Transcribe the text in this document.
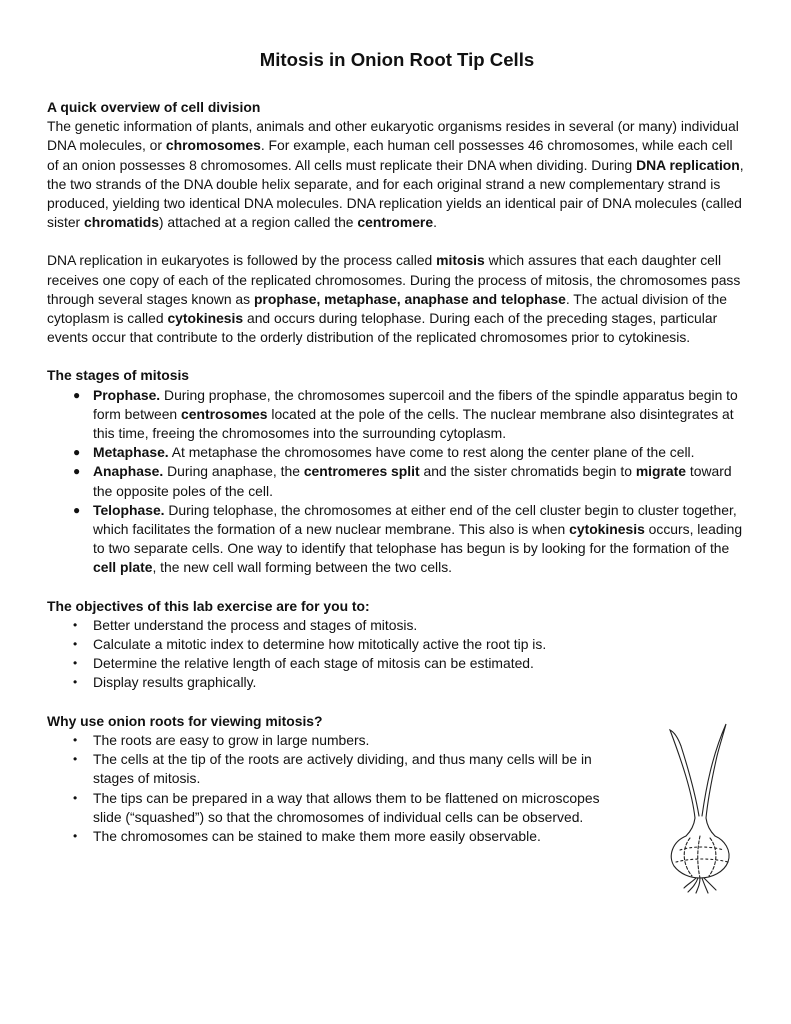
Mitosis in Onion Root Tip Cells

A quick overview of cell division

The genetic information of plants, animals and other eukaryotic organisms resides in several (or many) individual DNA molecules, or chromosomes. For example, each human cell possesses 46 chromosomes, while each cell of an onion possesses 8 chromosomes. All cells must replicate their DNA when dividing. During DNA replication, the two strands of the DNA double helix separate, and for each original strand a new complementary strand is produced, yielding two identical DNA molecules. DNA replication yields an identical pair of DNA molecules (called sister chromatids) attached at a region called the centromere.

DNA replication in eukaryotes is followed by the process called mitosis which assures that each daughter cell receives one copy of each of the replicated chromosomes. During the process of mitosis, the chromosomes pass through several stages known as prophase, metaphase, anaphase and telophase. The actual division of the cytoplasm is called cytokinesis and occurs during telophase. During each of the preceding stages, particular events occur that contribute to the orderly distribution of the replicated chromosomes prior to cytokinesis.

The stages of mitosis

● Prophase. During prophase, the chromosomes supercoil and the fibers of the spindle apparatus begin to form between centrosomes located at the pole of the cells. The nuclear membrane also disintegrates at this time, freeing the chromosomes into the surrounding cytoplasm.
● Metaphase. At metaphase the chromosomes have come to rest along the center plane of the cell.
● Anaphase. During anaphase, the centromeres split and the sister chromatids begin to migrate toward the opposite poles of the cell.
● Telophase. During telophase, the chromosomes at either end of the cell cluster begin to cluster together, which facilitates the formation of a new nuclear membrane. This also is when cytokinesis occurs, leading to two separate cells. One way to identify that telophase has begun is by looking for the formation of the cell plate, the new cell wall forming between the two cells.

The objectives of this lab exercise are for you to:

• Better understand the process and stages of mitosis.
• Calculate a mitotic index to determine how mitotically active the root tip is.
• Determine the relative length of each stage of mitosis can be estimated.
• Display results graphically.

Why use onion roots for viewing mitosis?

• The roots are easy to grow in large numbers.
• The cells at the tip of the roots are actively dividing, and thus many cells will be in stages of mitosis.
• The tips can be prepared in a way that allows them to be flattened on microscopes slide (“squashed”) so that the chromosomes of individual cells can be observed.
• The chromosomes can be stained to make them more easily observable.
